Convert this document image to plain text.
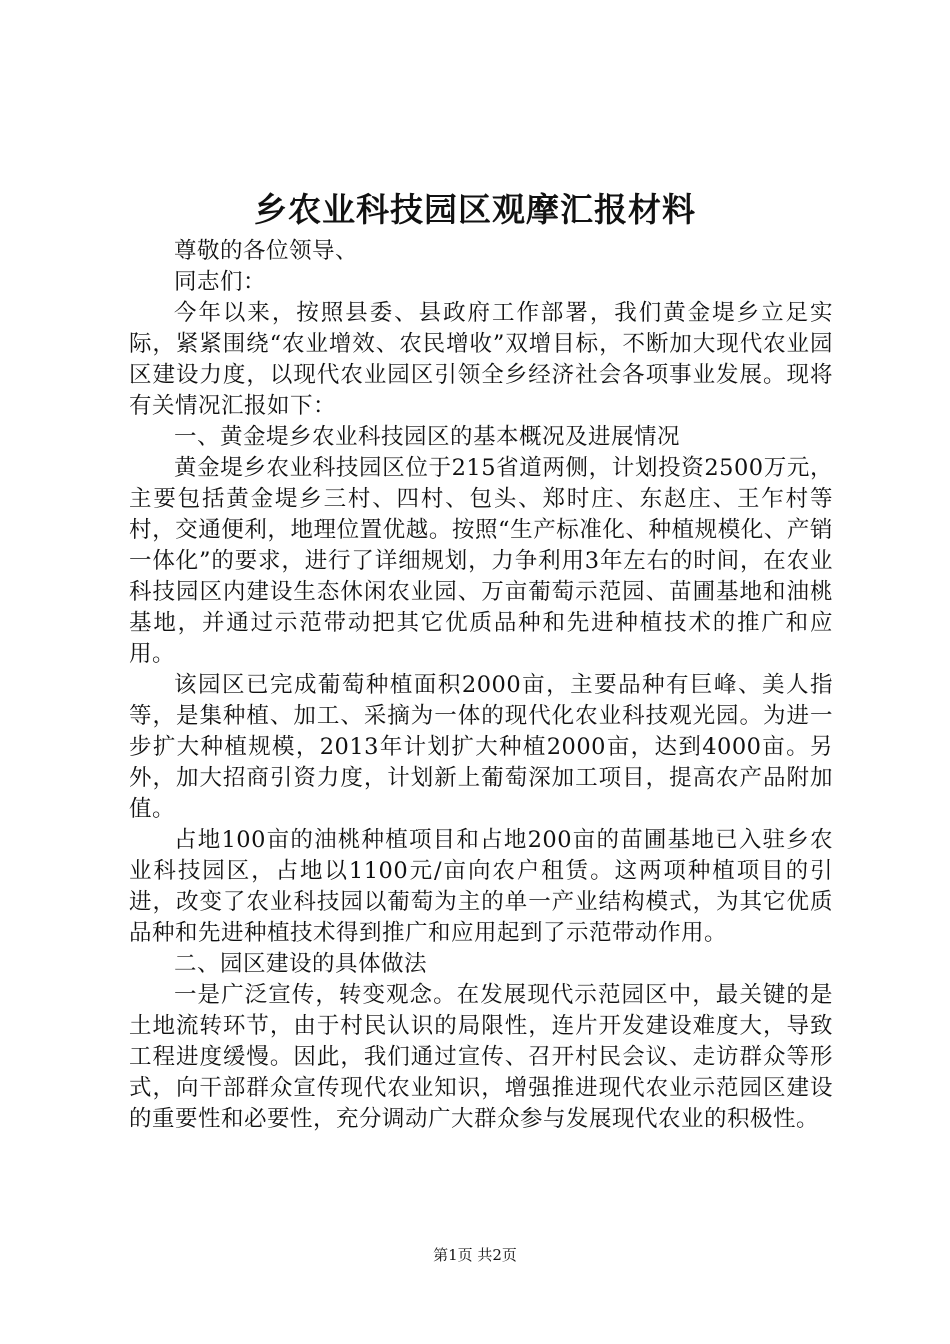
乡农业科技园区观摩汇报材料

尊敬的各位领导、

同志们：

今年以来，按照县委、县政府工作部署，我们黄金堤乡立足实际，紧紧围绕“农业增效、农民增收”双增目标，不断加大现代农业园区建设力度，以现代农业园区引领全乡经济社会各项事业发展。现将有关情况汇报如下：

一、黄金堤乡农业科技园区的基本概况及进展情况

黄金堤乡农业科技园区位于215省道两侧，计划投资2500万元，主要包括黄金堤乡三村、四村、包头、郑时庄、东赵庄、王乍村等村，交通便利，地理位置优越。按照“生产标准化、种植规模化、产销一体化”的要求，进行了详细规划，力争利用3年左右的时间，在农业科技园区内建设生态休闲农业园、万亩葡萄示范园、苗圃基地和油桃基地，并通过示范带动把其它优质品种和先进种植技术的推广和应用。

该园区已完成葡萄种植面积2000亩，主要品种有巨峰、美人指等，是集种植、加工、采摘为一体的现代化农业科技观光园。为进一步扩大种植规模，2013年计划扩大种植2000亩，达到4000亩。另外，加大招商引资力度，计划新上葡萄深加工项目，提高农产品附加值。

占地100亩的油桃种植项目和占地200亩的苗圃基地已入驻乡农业科技园区，占地以1100元/亩向农户租赁。这两项种植项目的引进，改变了农业科技园以葡萄为主的单一产业结构模式，为其它优质品种和先进种植技术得到推广和应用起到了示范带动作用。

二、园区建设的具体做法

一是广泛宣传，转变观念。在发展现代示范园区中，最关键的是土地流转环节，由于村民认识的局限性，连片开发建设难度大，导致工程进度缓慢。因此，我们通过宣传、召开村民会议、走访群众等形式，向干部群众宣传现代农业知识，增强推进现代农业示范园区建设的重要性和必要性，充分调动广大群众参与发展现代农业的积极性。

第1页 共2页
